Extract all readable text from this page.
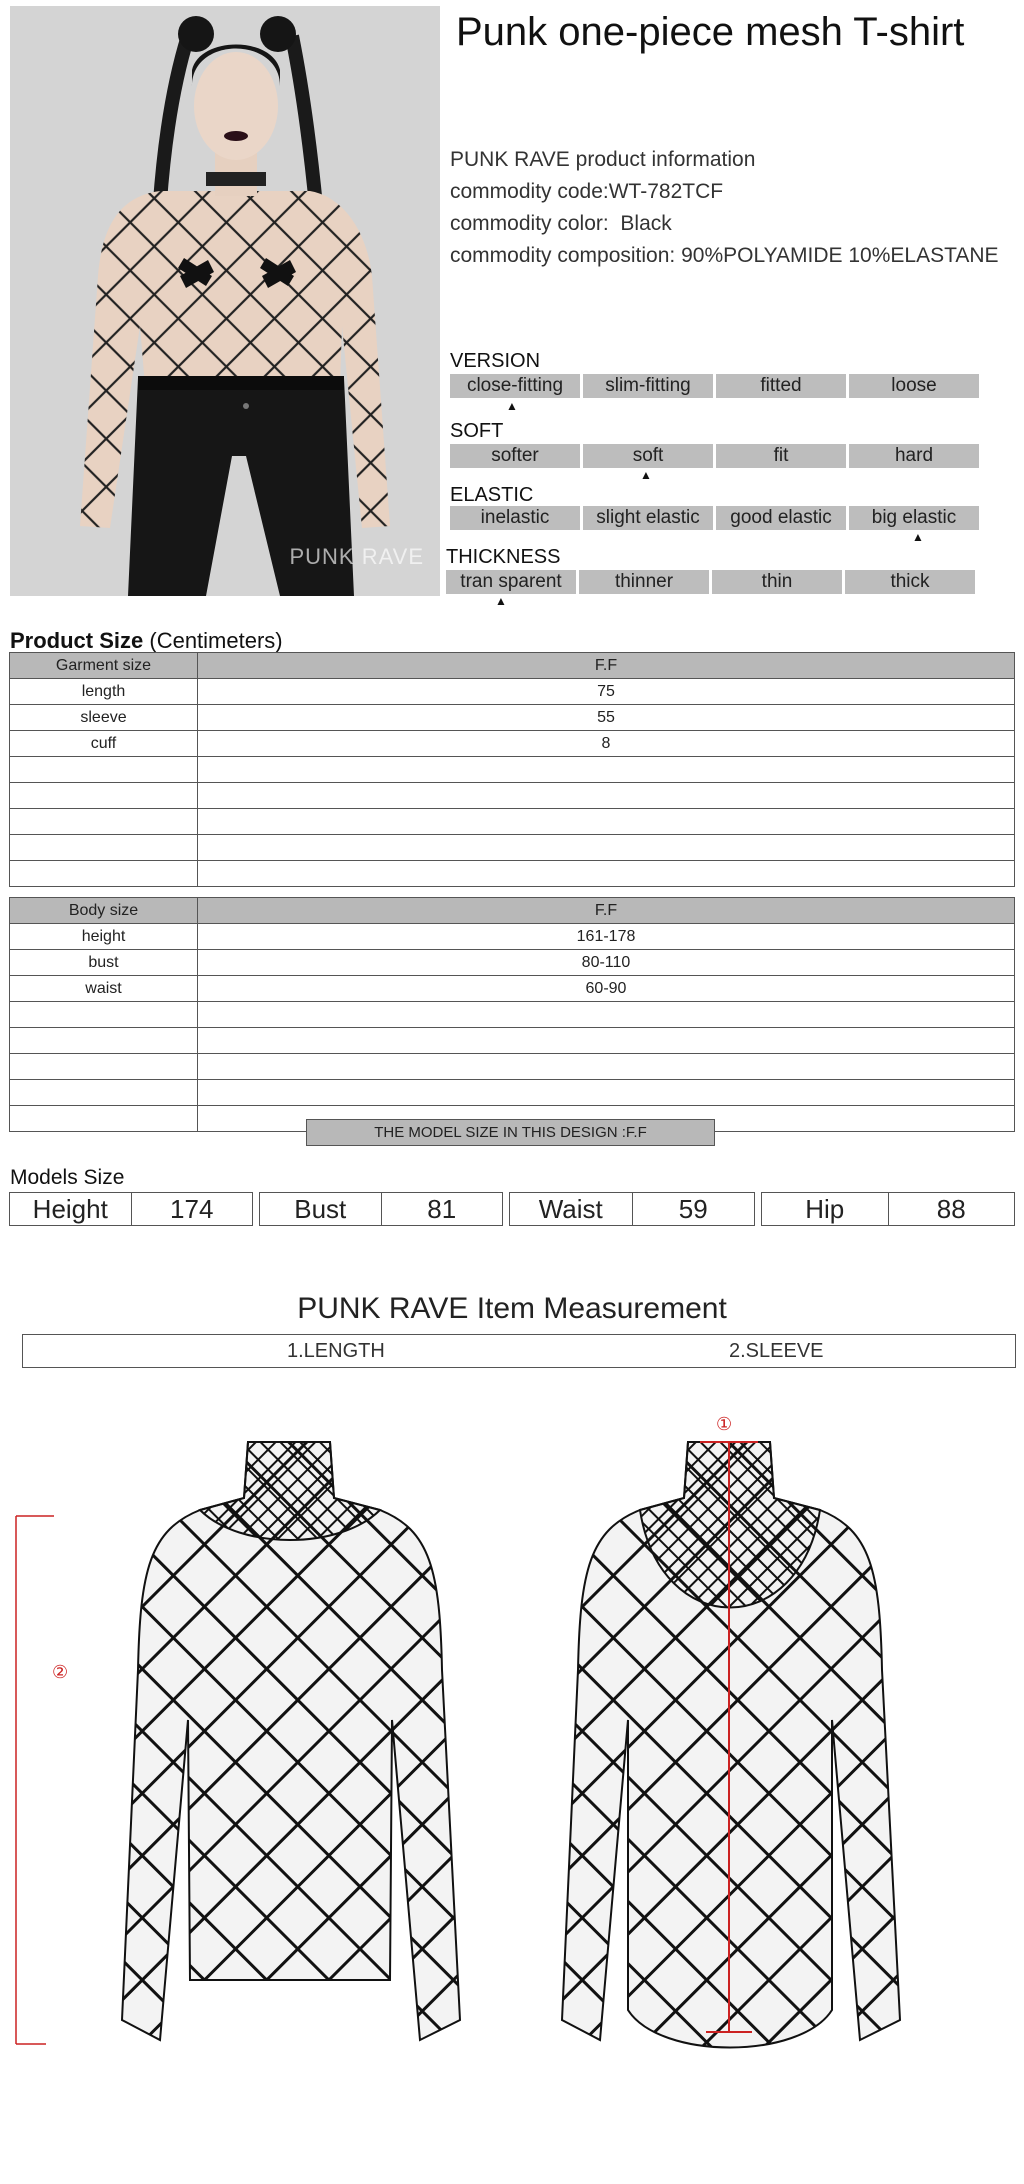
PUNK RAVE
Punk one-piece mesh T-shirt
PUNK RAVE product information
commodity code:WT-782TCF
commodity color: Black
commodity composition: 90%POLYAMIDE 10%ELASTANE
VERSION
close-fitting	slim-fitting	fitted	loose
▲
SOFT
softer	soft	fit	hard
▲
ELASTIC
inelastic	slight elastic	good elastic	big elastic
▲
THICKNESS
tran sparent	thinner	thin	thick
▲
Product Size (Centimeters)
Garment size	F.F
length	75
sleeve	55
cuff	8

Body size	F.F
height	161-178
bust	80-110
waist	60-90

THE MODEL SIZE IN THIS DESIGN :F.F
Models Size
Height	174	Bust	81	Waist	59	Hip	88
PUNK RAVE Item Measurement
1.LENGTH	2.SLEEVE
②
①
